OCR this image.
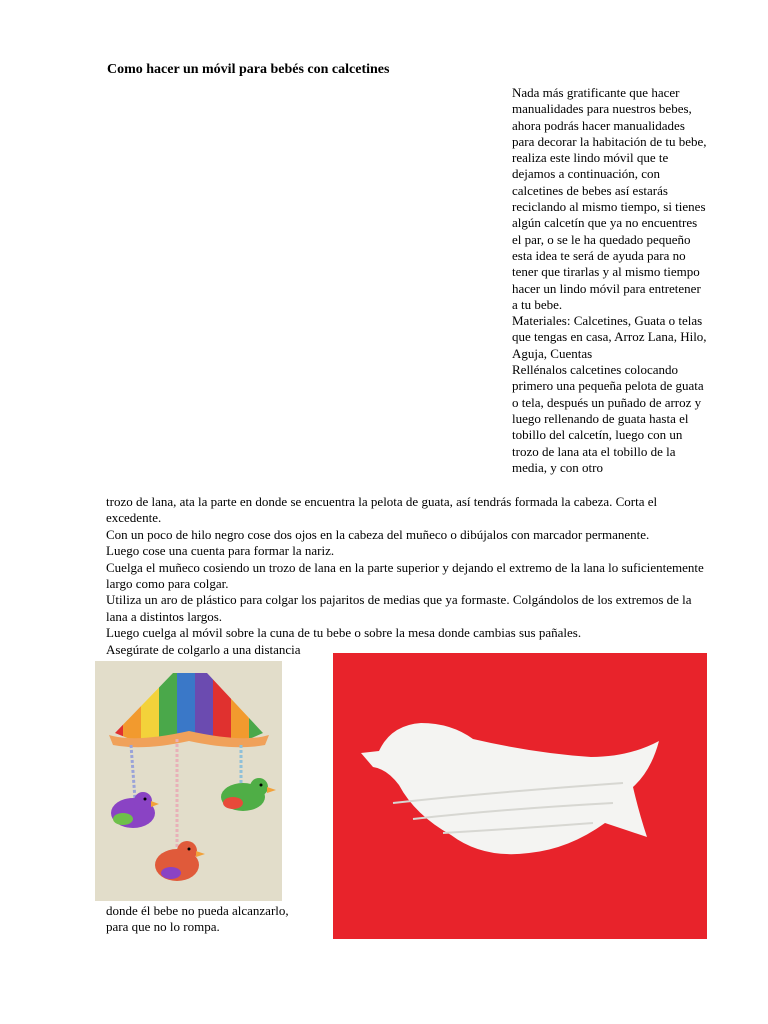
Como hacer un móvil para bebés con calcetines

Nada más gratificante que hacer manualidades para nuestros bebes, ahora podrás hacer manualidades para decorar la habitación de tu bebe, realiza este lindo móvil que te dejamos a continuación, con calcetines de bebes así estarás reciclando al mismo tiempo, si tienes algún calcetín que ya no encuentres el par, o se le ha quedado pequeño esta idea te será de ayuda para no tener que tirarlas y al mismo tiempo hacer un lindo móvil para entretener a tu bebe.

Materiales: Calcetines, Guata o telas que tengas en casa, Arroz Lana, Hilo, Aguja, Cuentas

Rellénalos calcetines colocando primero una pequeña pelota de guata o tela, después un puñado de arroz y luego rellenando de guata hasta el tobillo del calcetín, luego con un trozo de lana ata el tobillo de la media, y con otro

trozo de lana, ata la parte en donde se encuentra la pelota de guata, así tendrás formada la cabeza. Corta el excedente.

Con un poco de hilo negro cose dos ojos en la cabeza del muñeco o dibújalos con marcador permanente.

Luego cose una cuenta para formar la nariz.

Cuelga el muñeco cosiendo un trozo de lana en la parte superior y dejando el extremo de la lana lo suficientemente largo como para colgar.

Utiliza un aro de plástico para colgar los pajaritos de medias que ya formaste. Colgándolos de los extremos de la lana a distintos largos.

Luego cuelga al móvil sobre la cuna de tu bebe o sobre la mesa donde cambias sus pañales.

Asegúrate de colgarlo a una distancia

donde él bebe no pueda alcanzarlo,

para que no lo rompa.
